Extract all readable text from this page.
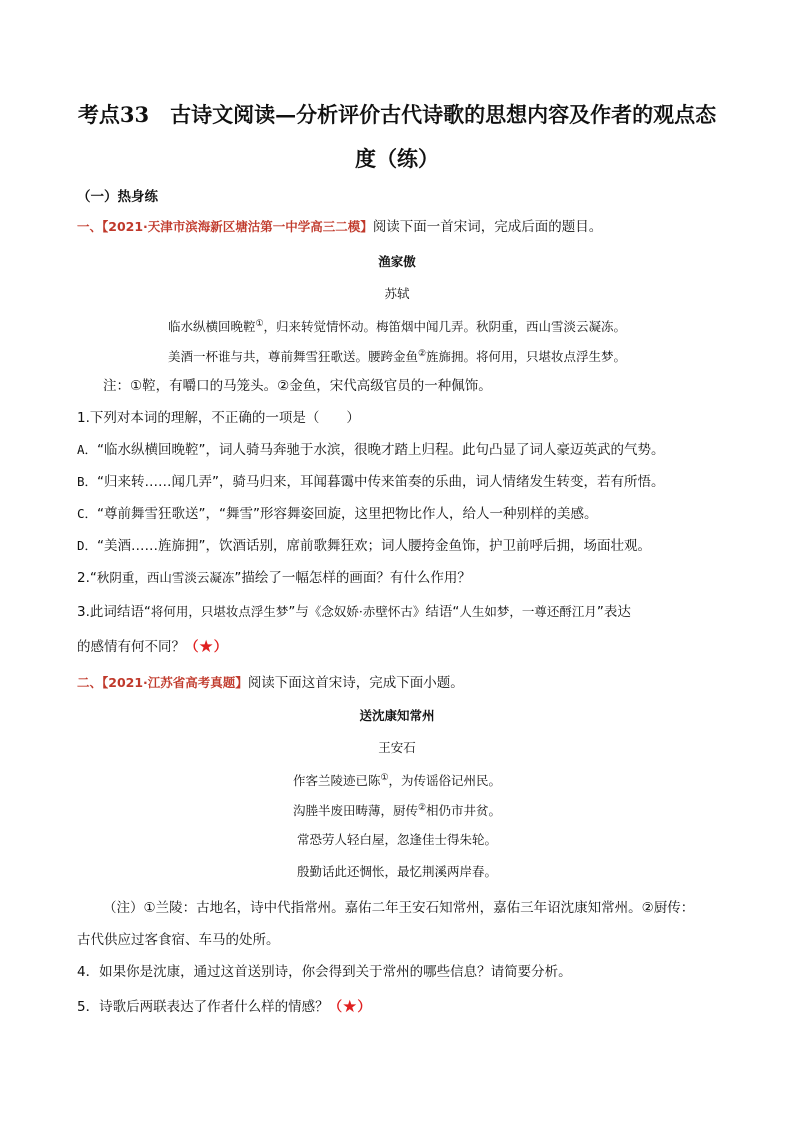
考点33　古诗文阅读—分析评价古代诗歌的思想内容及作者的观点态
度（练）
（一）热身练
一、【2021·天津市滨海新区塘沽第一中学高三二模】阅读下面一首宋词，完成后面的题目。
渔家傲
苏轼
临水纵横回晚鞚①，归来转觉情怀动。梅笛烟中闻几弄。秋阴重，西山雪淡云凝冻。
美酒一杯谁与共，尊前舞雪狂歌送。腰跨金鱼②旌旆拥。将何用，只堪妆点浮生梦。
注：①鞚，有嚼口的马笼头。②金鱼，宋代高级官员的一种佩饰。
1.下列对本词的理解，不正确的一项是（　　）
A．“临水纵横回晚鞚”，词人骑马奔驰于水滨，很晚才踏上归程。此句凸显了词人豪迈英武的气势。
B．“归来转……闻几弄”，骑马归来，耳闻暮霭中传来笛奏的乐曲，词人情绪发生转变，若有所悟。
C．“尊前舞雪狂歌送”，“舞雪”形容舞姿回旋，这里把物比作人，给人一种别样的美感。
D．“美酒……旌旆拥”，饮酒话别，席前歌舞狂欢；词人腰挎金鱼饰，护卫前呼后拥，场面壮观。
2.“秋阴重，西山雪淡云凝冻”描绘了一幅怎样的画面？有什么作用？
3.此词结语“将何用，只堪妆点浮生梦”与《念奴娇·赤壁怀古》结语“人生如梦，一尊还酹江月”表达
的感情有何不同？（★）
二、【2021·江苏省高考真题】阅读下面这首宋诗，完成下面小题。
送沈康知常州
王安石
作客兰陵迹已陈①，为传谣俗记州民。
沟塍半废田畴薄，厨传②相仍市井贫。
常恐劳人轻白屋，忽逢佳士得朱轮。
殷勤话此还惆怅，最忆荆溪两岸春。
（注）①兰陵：古地名，诗中代指常州。嘉佑二年王安石知常州，嘉佑三年诏沈康知常州。②厨传：
古代供应过客食宿、车马的处所。
4．如果你是沈康，通过这首送别诗，你会得到关于常州的哪些信息？请简要分析。
5．诗歌后两联表达了作者什么样的情感？（★）
